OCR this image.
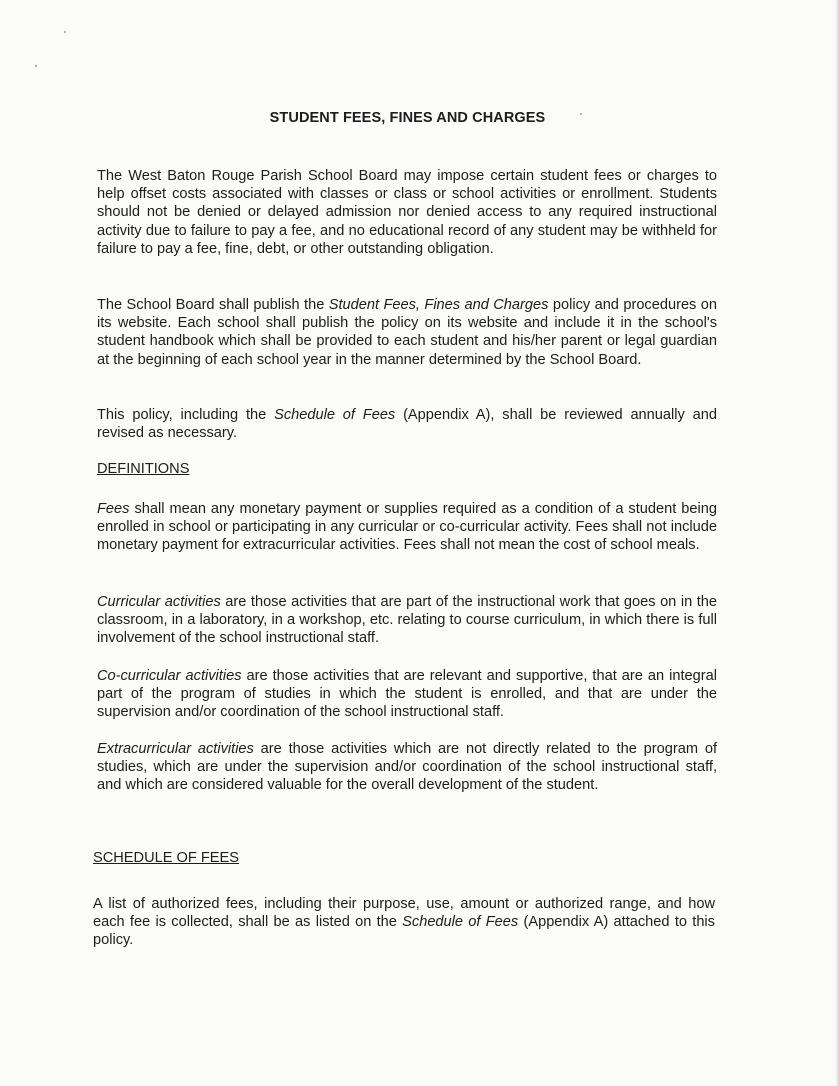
STUDENT FEES, FINES AND CHARGES

The West Baton Rouge Parish School Board may impose certain student fees or charges to help offset costs associated with classes or class or school activities or enrollment. Students should not be denied or delayed admission nor denied access to any required instructional activity due to failure to pay a fee, and no educational record of any student may be withheld for failure to pay a fee, fine, debt, or other outstanding obligation.

The School Board shall publish the Student Fees, Fines and Charges policy and procedures on its website. Each school shall publish the policy on its website and include it in the school's student handbook which shall be provided to each student and his/her parent or legal guardian at the beginning of each school year in the manner determined by the School Board.

This policy, including the Schedule of Fees (Appendix A), shall be reviewed annually and revised as necessary.

DEFINITIONS

Fees shall mean any monetary payment or supplies required as a condition of a student being enrolled in school or participating in any curricular or co-curricular activity. Fees shall not include monetary payment for extracurricular activities. Fees shall not mean the cost of school meals.

Curricular activities are those activities that are part of the instructional work that goes on in the classroom, in a laboratory, in a workshop, etc. relating to course curriculum, in which there is full involvement of the school instructional staff.

Co-curricular activities are those activities that are relevant and supportive, that are an integral part of the program of studies in which the student is enrolled, and that are under the supervision and/or coordination of the school instructional staff.

Extracurricular activities are those activities which are not directly related to the program of studies, which are under the supervision and/or coordination of the school instructional staff, and which are considered valuable for the overall development of the student.

SCHEDULE OF FEES

A list of authorized fees, including their purpose, use, amount or authorized range, and how each fee is collected, shall be as listed on the Schedule of Fees (Appendix A) attached to this policy.
